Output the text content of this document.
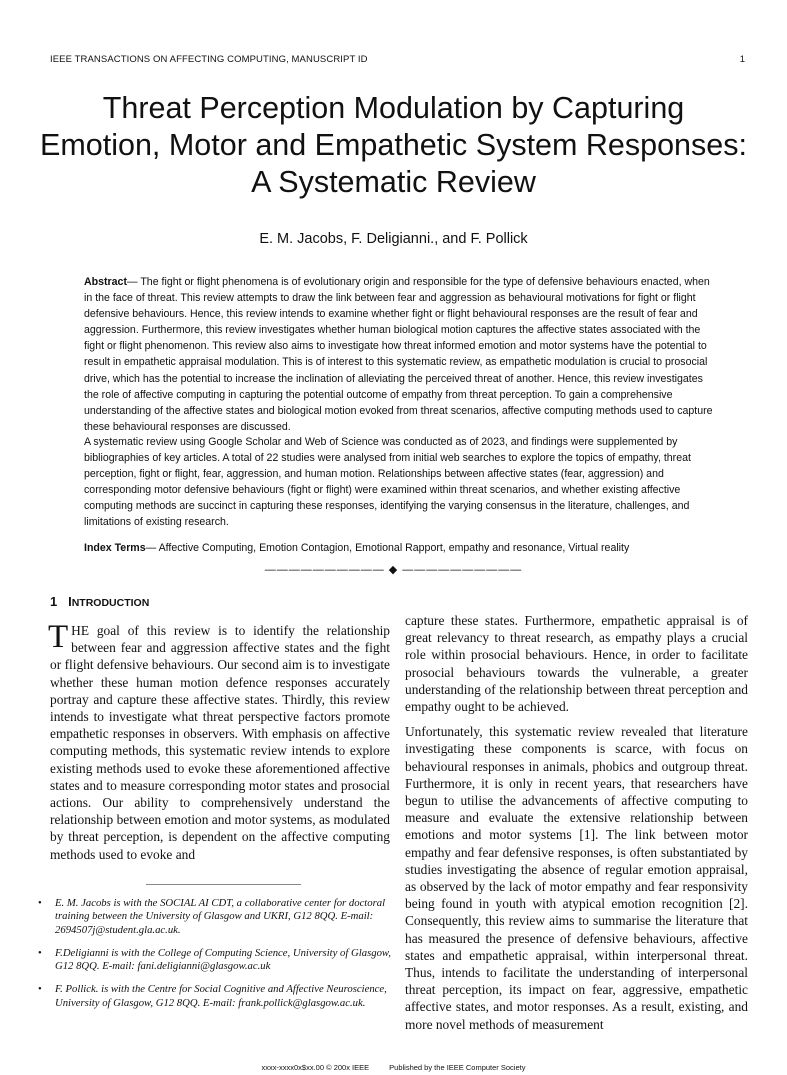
IEEE TRANSACTIONS ON AFFECTING COMPUTING, MANUSCRIPT ID	1
Threat Perception Modulation by Capturing Emotion, Motor and Empathetic System Responses: A Systematic Review
E. M. Jacobs, F. Deligianni., and F. Pollick
Abstract— The fight or flight phenomena is of evolutionary origin and responsible for the type of defensive behaviours enacted, when in the face of threat. This review attempts to draw the link between fear and aggression as behavioural motivations for fight or flight defensive behaviours. Hence, this review intends to examine whether fight or flight behavioural responses are the result of fear and aggression. Furthermore, this review investigates whether human biological motion captures the affective states associated with the fight or flight phenomenon. This review also aims to investigate how threat informed emotion and motor systems have the potential to result in empathetic appraisal modulation. This is of interest to this systematic review, as empathetic modulation is crucial to prosocial drive, which has the potential to increase the inclination of alleviating the perceived threat of another. Hence, this review investigates the role of affective computing in capturing the potential outcome of empathy from threat perception. To gain a comprehensive understanding of the affective states and biological motion evoked from threat scenarios, affective computing methods used to capture these behavioural responses are discussed.
A systematic review using Google Scholar and Web of Science was conducted as of 2023, and findings were supplemented by bibliographies of key articles. A total of 22 studies were analysed from initial web searches to explore the topics of empathy, threat perception, fight or flight, fear, aggression, and human motion. Relationships between affective states (fear, aggression) and corresponding motor defensive behaviours (fight or flight) were examined within threat scenarios, and whether existing affective computing methods are succinct in capturing these responses, identifying the varying consensus in the literature, challenges, and limitations of existing research.
Index Terms— Affective Computing, Emotion Contagion, Emotional Rapport, empathy and resonance, Virtual reality
—————————— ◆ ——————————
1 INTRODUCTION

THE goal of this review is to identify the relationship between fear and aggression affective states and the fight or flight defensive behaviours. Our second aim is to investigate whether these human motion defence responses accurately portray and capture these affective states. Thirdly, this review intends to investigate what threat perspective factors promote empathetic responses in observers. With emphasis on affective computing methods, this systematic review intends to explore existing methods used to evoke these aforementioned affective states and to measure corresponding motor states and prosocial actions. Our ability to comprehensively understand the relationship between emotion and motor systems, as modulated by threat perception, is dependent on the affective computing methods used to evoke and

capture these states. Furthermore, empathetic appraisal is of great relevancy to threat research, as empathy plays a crucial role within prosocial behaviours. Hence, in order to facilitate prosocial behaviours towards the vulnerable, a greater understanding of the relationship between threat perception and empathy ought to be achieved.

Unfortunately, this systematic review revealed that literature investigating these components is scarce, with focus on behavioural responses in animals, phobics and outgroup threat. Furthermore, it is only in recent years, that researchers have begun to utilise the advancements of affective computing to measure and evaluate the extensive relationship between emotions and motor systems [1]. The link between motor empathy and fear defensive responses, is often substantiated by studies investigating the absence of regular emotion appraisal, as observed by the lack of motor empathy and fear responsivity being found in youth with atypical emotion recognition [2]. Consequently, this review aims to summarise the literature that has measured the presence of defensive behaviours, affective states and empathetic appraisal, within interpersonal threat. Thus, intends to facilitate the understanding of interpersonal threat perception, its impact on fear, aggressive, empathetic affective states, and motor responses. As a result, existing, and more novel methods of measurement

• E. M. Jacobs is with the SOCIAL AI CDT, a collaborative center for doctoral training between the University of Glasgow and UKRI, G12 8QQ. E-mail: 2694507j@student.gla.ac.uk.
• F.Deligianni is with the College of Computing Science, University of Glasgow, G12 8QQ. E-mail: fani.deligianni@glasgow.ac.uk
• F. Pollick. is with the Centre for Social Cognitive and Affective Neuroscience, University of Glasgow, G12 8QQ. E-mail: frank.pollick@glasgow.ac.uk.
xxxx-xxxx0x$xx.00 © 200x IEEE	Published by the IEEE Computer Society
